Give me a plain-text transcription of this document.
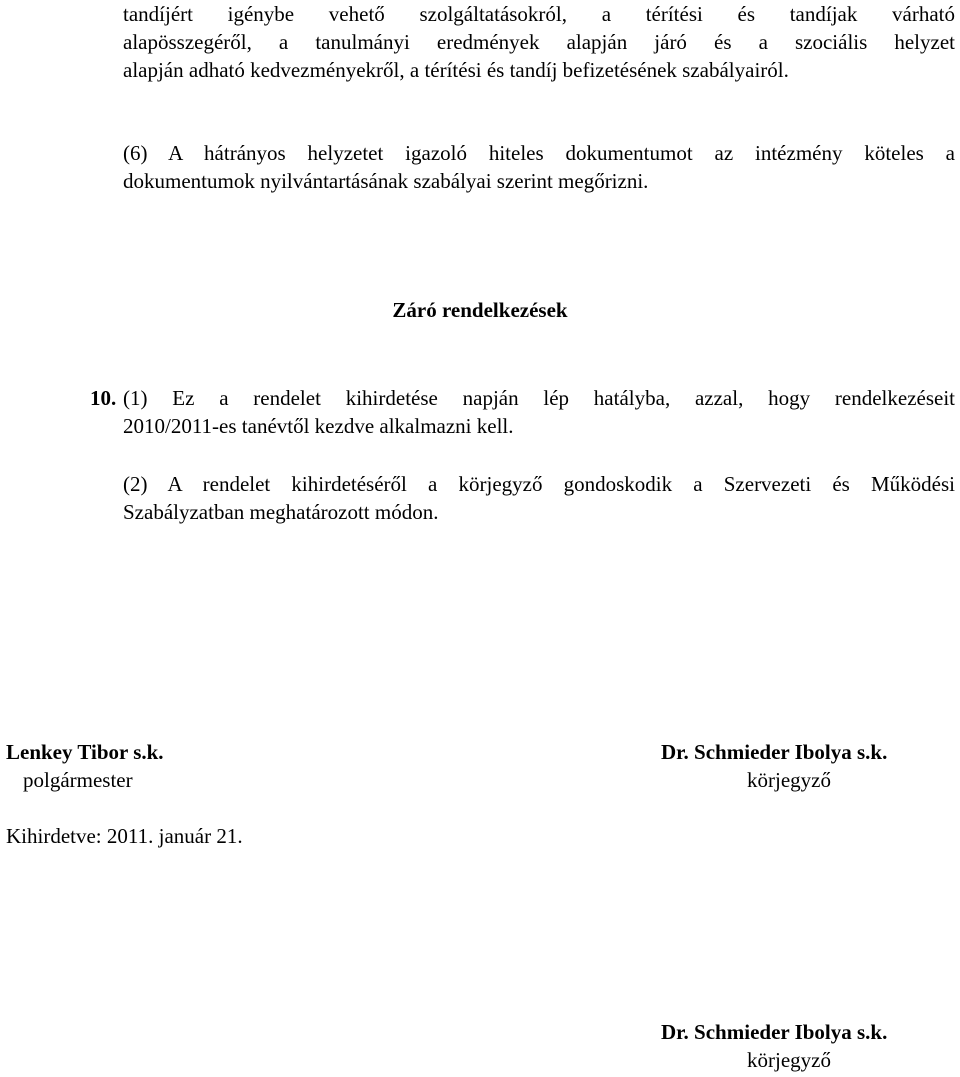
tandíjért igénybe vehető szolgáltatásokról, a térítési és tandíjak várható
alapösszegéről, a tanulmányi eredmények alapján járó és a szociális helyzet
alapján adható kedvezményekről, a térítési és tandíj befizetésének szabályairól.
(6) A hátrányos helyzetet igazoló hiteles dokumentumot az intézmény köteles a
dokumentumok nyilvántartásának szabályai szerint megőrizni.
Záró rendelkezések
10. (1) Ez a rendelet kihirdetése napján lép hatályba, azzal, hogy rendelkezéseit
2010/2011-es tanévtől kezdve alkalmazni kell.
(2) A rendelet kihirdetéséről a körjegyző gondoskodik a Szervezeti és Működési
Szabályzatban meghatározott módon.
Lenkey Tibor s.k.
polgármester
Dr. Schmieder Ibolya s.k.
körjegyző
Kihirdetve: 2011. január 21.
Dr. Schmieder Ibolya s.k.
körjegyző
